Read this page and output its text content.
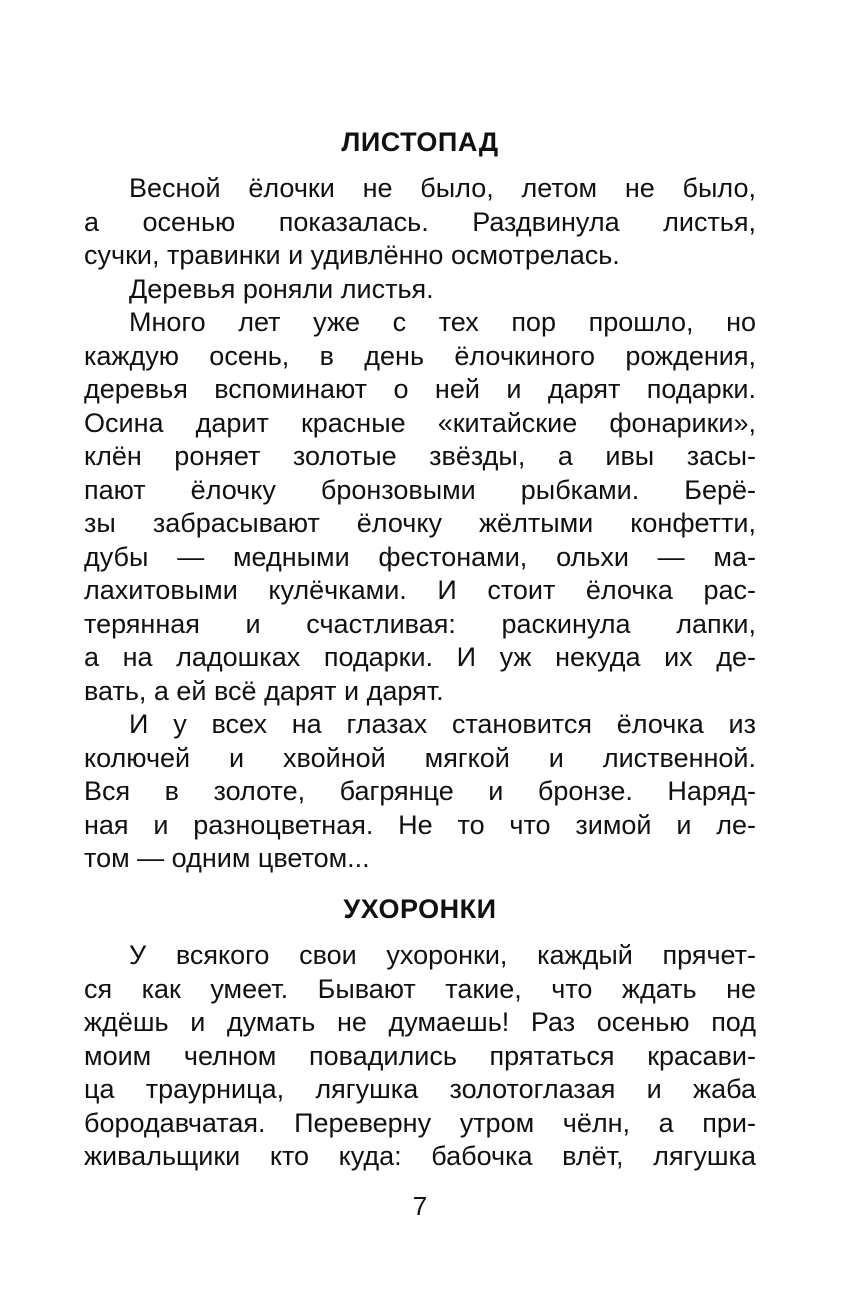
ЛИСТОПАД
Весной ёлочки не было, летом не было,
а осенью показалась. Раздвинула листья,
сучки, травинки и удивлённо осмотрелась.
Деревья роняли листья.
Много лет уже с тех пор прошло, но
каждую осень, в день ёлочкиного рождения,
деревья вспоминают о ней и дарят подарки.
Осина дарит красные «китайские фонарики»,
клён роняет золотые звёзды, а ивы засы-
пают ёлочку бронзовыми рыбками. Берё-
зы забрасывают ёлочку жёлтыми конфетти,
дубы — медными фестонами, ольхи — ма-
лахитовыми кулёчками. И стоит ёлочка рас-
терянная и счастливая: раскинула лапки,
а на ладошках подарки. И уж некуда их де-
вать, а ей всё дарят и дарят.
И у всех на глазах становится ёлочка из
колючей и хвойной мягкой и лиственной.
Вся в золоте, багрянце и бронзе. Наряд-
ная и разноцветная. Не то что зимой и ле-
том — одним цветом...
УХОРОНКИ
У всякого свои ухоронки, каждый прячет-
ся как умеет. Бывают такие, что ждать не
ждёшь и думать не думаешь! Раз осенью под
моим челном повадились прятаться красави-
ца траурница, лягушка золотоглазая и жаба
бородавчатая. Переверну утром чёлн, а при-
живальщики кто куда: бабочка влёт, лягушка
7
